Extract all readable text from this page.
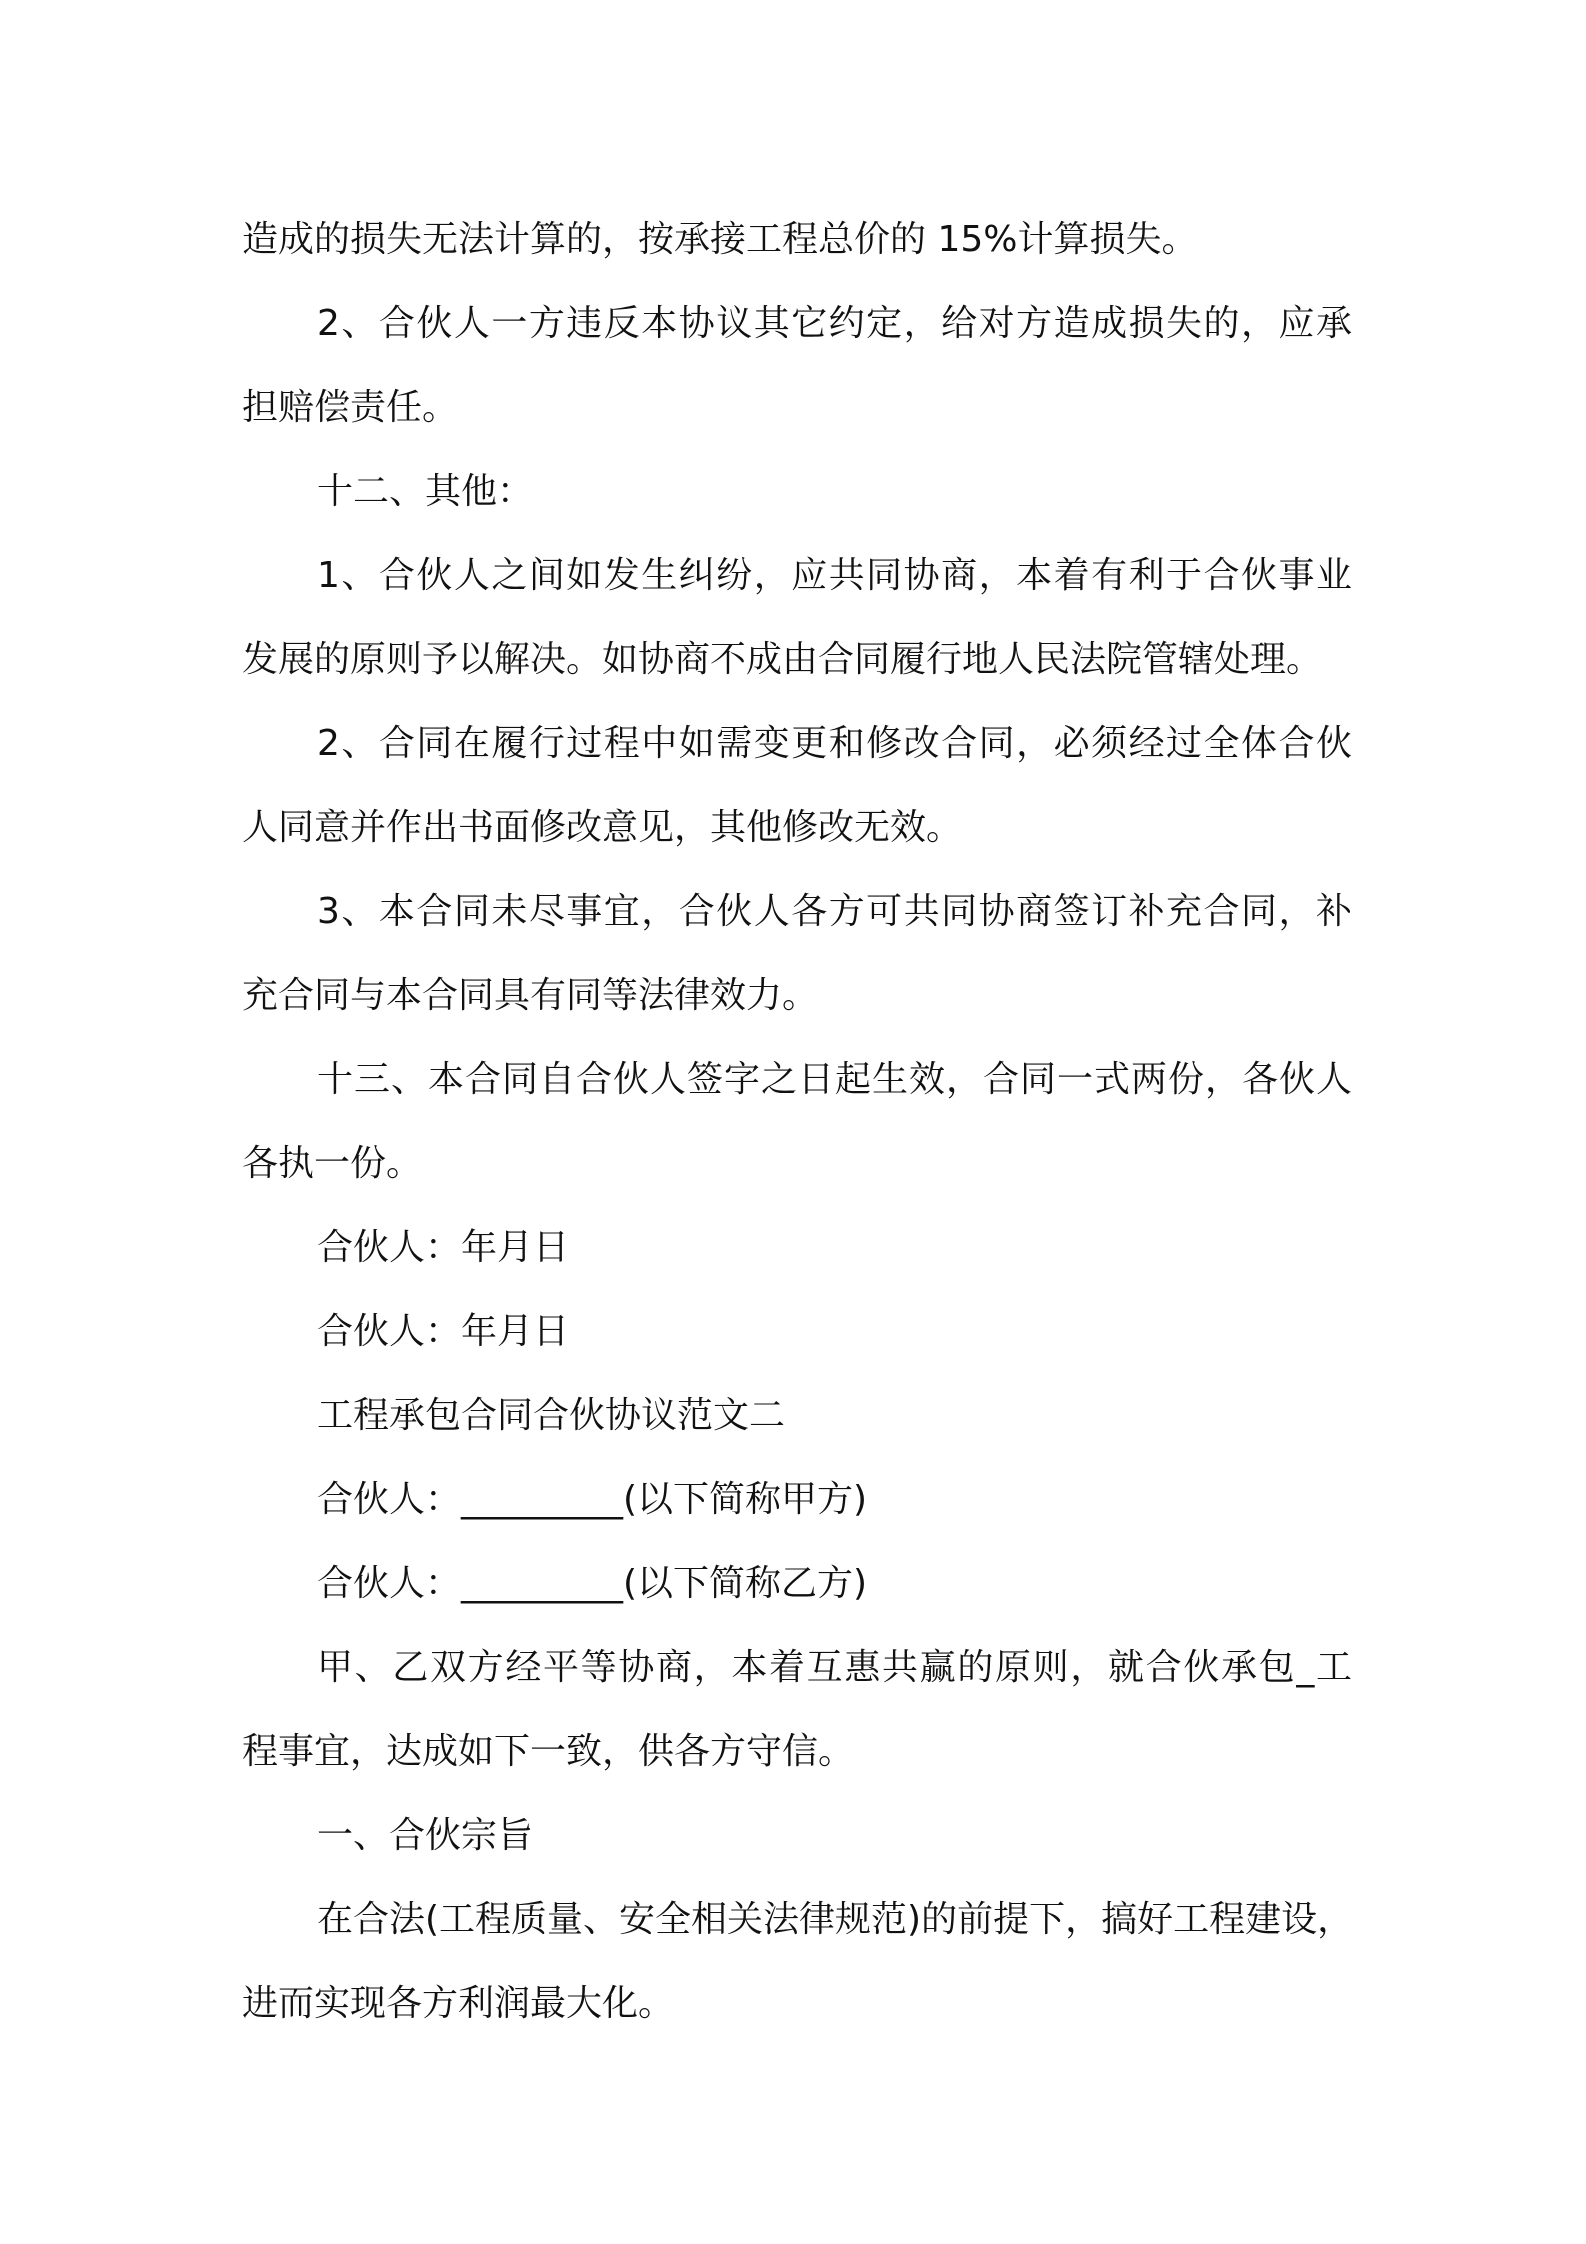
造成的损失无法计算的，按承接工程总价的 15%计算损失。
2、合伙人一方违反本协议其它约定，给对方造成损失的，应承
担赔偿责任。
十二、其他：
1、合伙人之间如发生纠纷，应共同协商，本着有利于合伙事业
发展的原则予以解决。如协商不成由合同履行地人民法院管辖处理。
2、合同在履行过程中如需变更和修改合同，必须经过全体合伙
人同意并作出书面修改意见，其他修改无效。
3、本合同未尽事宜，合伙人各方可共同协商签订补充合同，补
充合同与本合同具有同等法律效力。
十三、本合同自合伙人签字之日起生效，合同一式两份，各伙人
各执一份。
合伙人：年月日
合伙人：年月日
工程承包合同合伙协议范文二
合伙人：_________(以下简称甲方)
合伙人：_________(以下简称乙方)
甲、乙双方经平等协商，本着互惠共赢的原则，就合伙承包_工
程事宜，达成如下一致，供各方守信。
一、合伙宗旨
在合法(工程质量、安全相关法律规范)的前提下，搞好工程建设，
进而实现各方利润最大化。
